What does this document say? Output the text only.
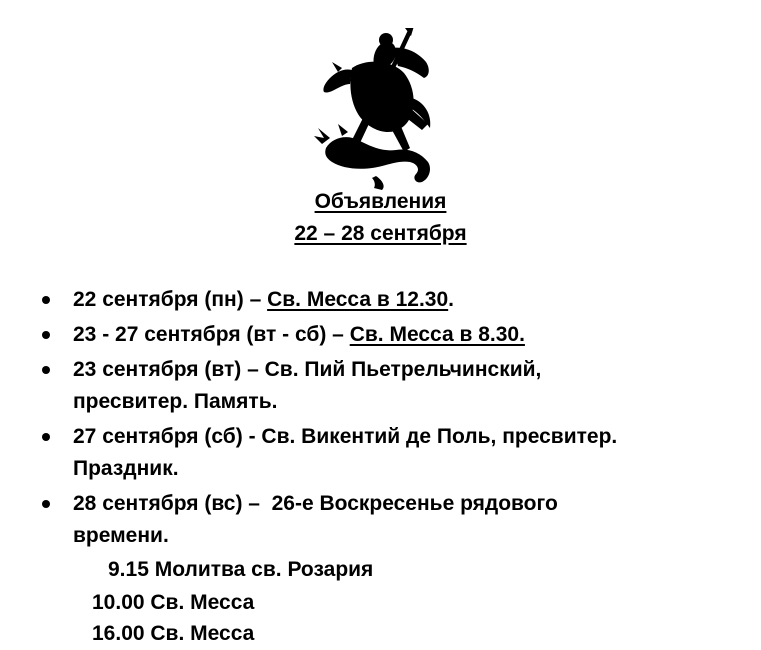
Объявления
22 – 28 сентября
22 сентября (пн) – Св. Месса в 12.30.
23 - 27 сентября (вт - сб) – Св. Месса в 8.30.
23 сентября (вт) – Св. Пий Пьетрельчинский, пресвитер. Память.
27 сентября (сб) - Св. Викентий де Поль, пресвитер. Праздник.
28 сентября (вс) –  26-е Воскресенье рядового времени.
9.15 Молитва св. Розария
10.00 Св. Месса
16.00 Св. Месса
